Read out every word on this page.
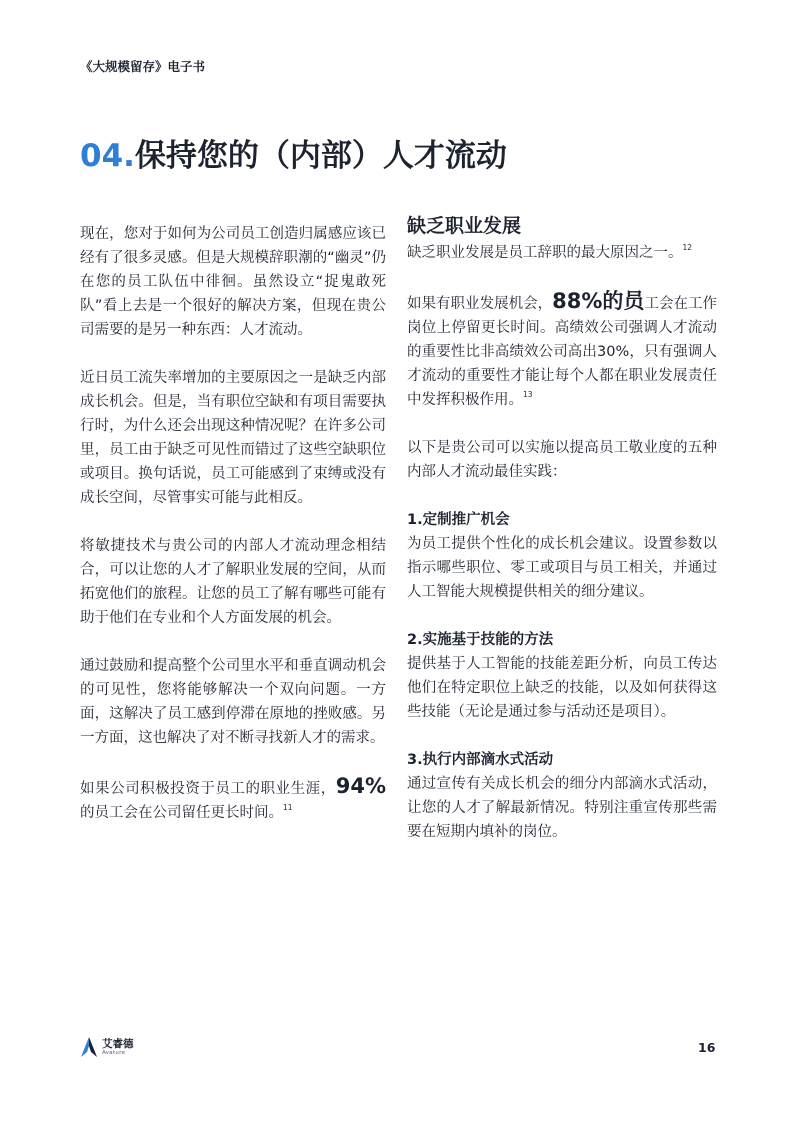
《大规模留存》电子书
04.保持您的（内部）人才流动

现在，您对于如何为公司员工创造归属感应该已经有了很多灵感。但是大规模辞职潮的“幽灵”仍在您的员工队伍中徘徊。虽然设立“捉鬼敢死队”看上去是一个很好的解决方案，但现在贵公司需要的是另一种东西：人才流动。

近日员工流失率增加的主要原因之一是缺乏内部成长机会。但是，当有职位空缺和有项目需要执行时，为什么还会出现这种情况呢？在许多公司里，员工由于缺乏可见性而错过了这些空缺职位或项目。换句话说，员工可能感到了束缚或没有成长空间，尽管事实可能与此相反。

将敏捷技术与贵公司的内部人才流动理念相结合，可以让您的人才了解职业发展的空间，从而拓宽他们的旅程。让您的员工了解有哪些可能有助于他们在专业和个人方面发展的机会。

通过鼓励和提高整个公司里水平和垂直调动机会的可见性，您将能够解决一个双向问题。一方面，这解决了员工感到停滞在原地的挫败感。另一方面，这也解决了对不断寻找新人才的需求。

如果公司积极投资于员工的职业生涯，94%的员工会在公司留任更长时间。$^{11}$

缺乏职业发展

缺乏职业发展是员工辞职的最大原因之一。$^{12}$

如果有职业发展机会，88%的员工会在工作岗位上停留更长时间。高绩效公司强调人才流动的重要性比非高绩效公司高出30%，只有强调人才流动的重要性才能让每个人都在职业发展责任中发挥积极作用。$^{13}$

以下是贵公司可以实施以提高员工敬业度的五种内部人才流动最佳实践：

1.定制推广机会

为员工提供个性化的成长机会建议。设置参数以指示哪些职位、零工或项目与员工相关，并通过人工智能大规模提供相关的细分建议。

2.实施基于技能的方法

提供基于人工智能的技能差距分析，向员工传达他们在特定职位上缺乏的技能，以及如何获得这些技能（无论是通过参与活动还是项目）。

3.执行内部滴水式活动

通过宣传有关成长机会的细分内部滴水式活动，让您的人才了解最新情况。特别注重宣传那些需要在短期内填补的岗位。

艾睿德
Avature	16
